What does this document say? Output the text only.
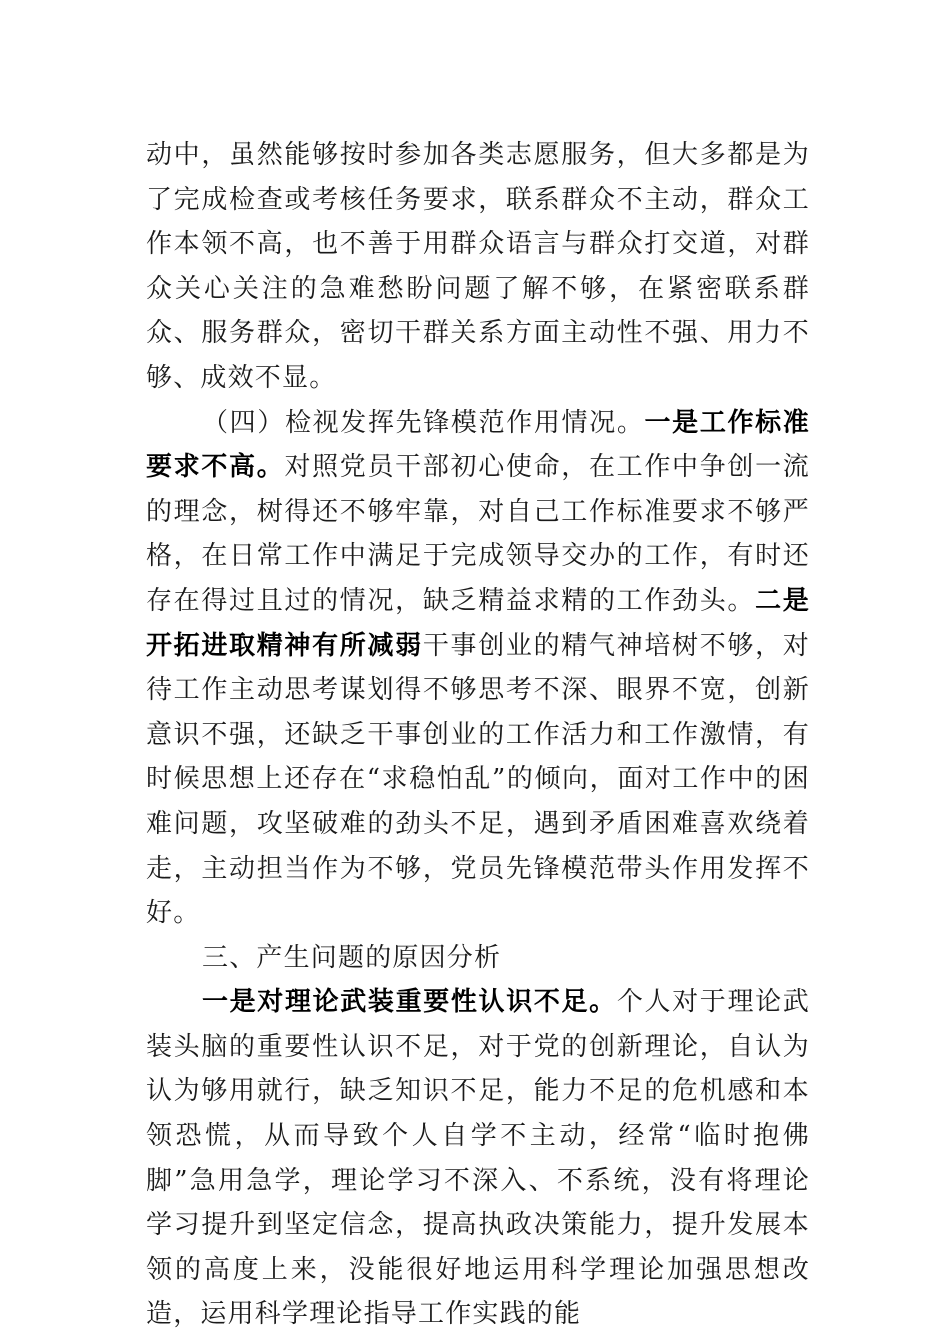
动中，虽然能够按时参加各类志愿服务，但大多都是为了完成检查或考核任务要求，联系群众不主动，群众工作本领不高，也不善于用群众语言与群众打交道，对群众关心关注的急难愁盼问题了解不够，在紧密联系群众、服务群众，密切干群关系方面主动性不强、用力不够、成效不显。

（四）检视发挥先锋模范作用情况。一是工作标准要求不高。对照党员干部初心使命，在工作中争创一流的理念，树得还不够牢靠，对自己工作标准要求不够严格，在日常工作中满足于完成领导交办的工作，有时还存在得过且过的情况，缺乏精益求精的工作劲头。二是开拓进取精神有所减弱干事创业的精气神培树不够，对待工作主动思考谋划得不够思考不深、眼界不宽，创新意识不强，还缺乏干事创业的工作活力和工作激情，有时候思想上还存在“求稳怕乱”的倾向，面对工作中的困难问题，攻坚破难的劲头不足，遇到矛盾困难喜欢绕着走，主动担当作为不够，党员先锋模范带头作用发挥不好。

三、产生问题的原因分析

一是对理论武装重要性认识不足。个人对于理论武装头脑的重要性认识不足，对于党的创新理论，自认为认为够用就行，缺乏知识不足，能力不足的危机感和本领恐慌，从而导致个人自学不主动，经常“临时抱佛脚”急用急学，理论学习不深入、不系统，没有将理论学习提升到坚定信念，提高执政决策能力，提升发展本领的高度上来，没能很好地运用科学理论加强思想改造，运用科学理论指导工作实践的能
